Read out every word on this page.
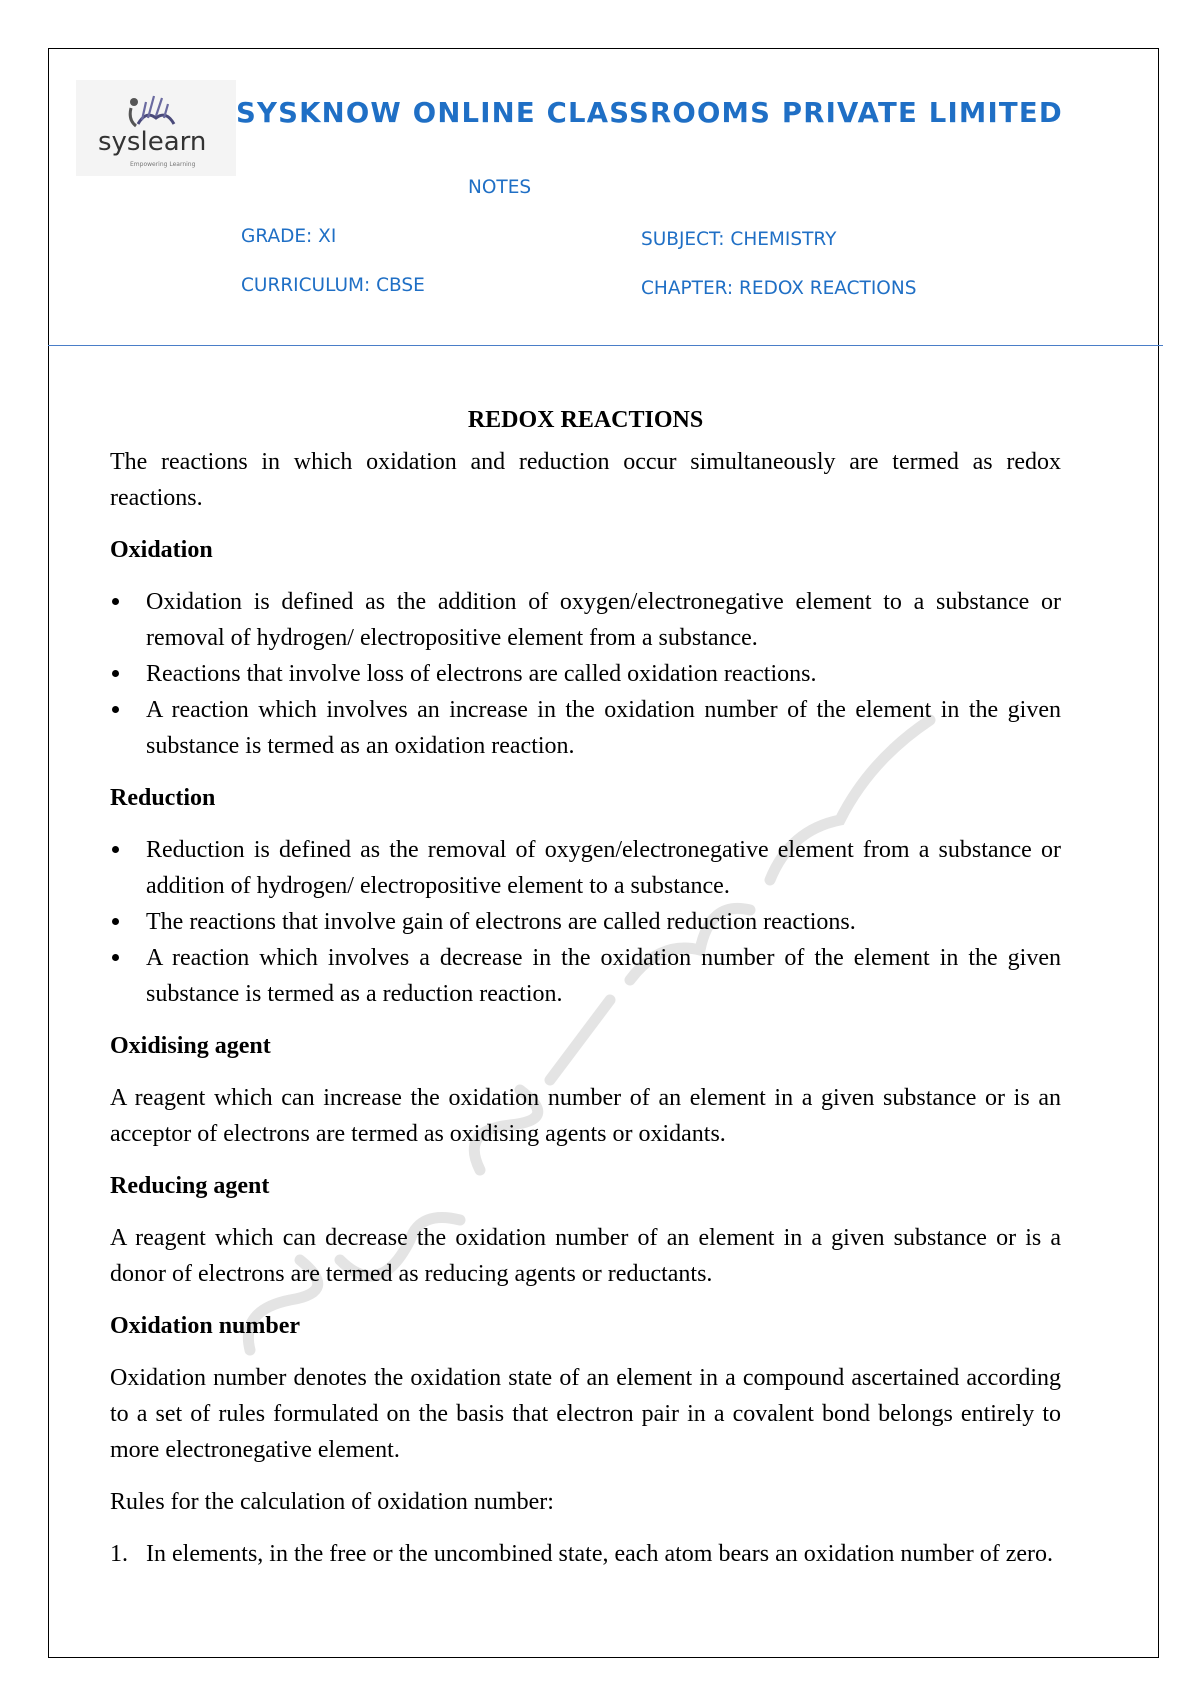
syslearn
Empowering Learning
SYSKNOW ONLINE CLASSROOMS PRIVATE LIMITED
NOTES
GRADE: XI	SUBJECT: CHEMISTRY
CURRICULUM: CBSE	CHAPTER: REDOX REACTIONS
REDOX REACTIONS

The reactions in which oxidation and reduction occur simultaneously are termed as redox reactions.

Oxidation
Oxidation is defined as the addition of oxygen/electronegative element to a substance or removal of hydrogen/ electropositive element from a substance.
Reactions that involve loss of electrons are called oxidation reactions.
A reaction which involves an increase in the oxidation number of the element in the given substance is termed as an oxidation reaction.
Reduction
Reduction is defined as the removal of oxygen/electronegative element from a substance or addition of hydrogen/ electropositive element to a substance.
The reactions that involve gain of electrons are called reduction reactions.
A reaction which involves a decrease in the oxidation number of the element in the given substance is termed as a reduction reaction.
Oxidising agent

A reagent which can increase the oxidation number of an element in a given substance or is an acceptor of electrons are termed as oxidising agents or oxidants.

Reducing agent

A reagent which can decrease the oxidation number of an element in a given substance or is a donor of electrons are termed as reducing agents or reductants.

Oxidation number

Oxidation number denotes the oxidation state of an element in a compound ascertained according to a set of rules formulated on the basis that electron pair in a covalent bond belongs entirely to more electronegative element.

Rules for the calculation of oxidation number:

1. In elements, in the free or the uncombined state, each atom bears an oxidation number of zero.
